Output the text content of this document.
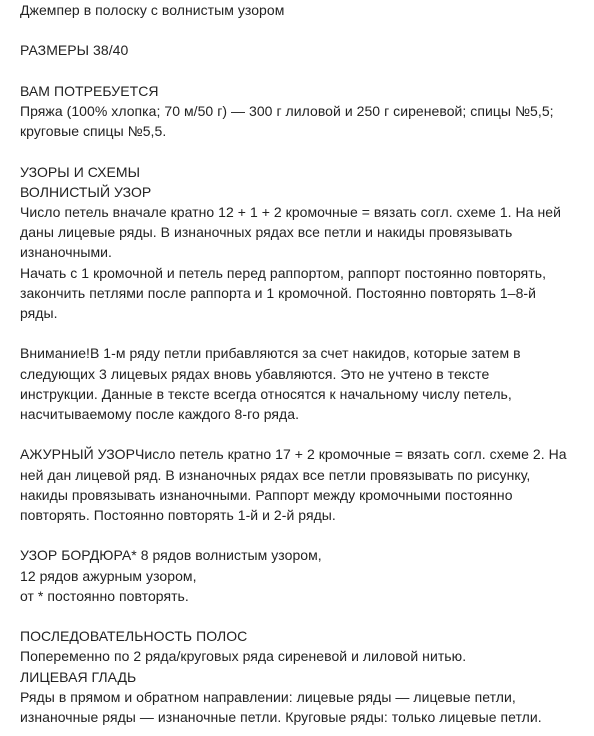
Джемпер в полоску с волнистым узором
РАЗМЕРЫ 38/40
ВАМ ПОТРЕБУЕТСЯ
Пряжа (100% хлопка; 70 м/50 г) — 300 г лиловой и 250 г сиреневой; спицы №5,5;
круговые спицы №5,5.
УЗОРЫ И СХЕМЫ
ВОЛНИСТЫЙ УЗОР
Число петель вначале кратно 12 + 1 + 2 кромочные = вязать согл. схеме 1. На ней
даны лицевые ряды. В изнаночных рядах все петли и накиды провязывать
изнаночными.
Начать с 1 кромочной и петель перед раппортом, раппорт постоянно повторять,
закончить петлями после раппорта и 1 кромочной. Постоянно повторять 1–8-й
ряды.
Внимание!В 1-м ряду петли прибавляются за счет накидов, которые затем в
следующих 3 лицевых рядах вновь убавляются. Это не учтено в тексте
инструкции. Данные в тексте всегда относятся к начальному числу петель,
насчитываемому после каждого 8-го ряда.
АЖУРНЫЙ УЗОРЧисло петель кратно 17 + 2 кромочные = вязать согл. схеме 2. На
ней дан лицевой ряд. В изнаночных рядах все петли провязывать по рисунку,
накиды провязывать изнаночными. Раппорт между кромочными постоянно
повторять. Постоянно повторять 1-й и 2-й ряды.
УЗОР БОРДЮРА* 8 рядов волнистым узором,
12 рядов ажурным узором,
от * постоянно повторять.
ПОСЛЕДОВАТЕЛЬНОСТЬ ПОЛОС
Попеременно по 2 ряда/круговых ряда сиреневой и лиловой нитью.
ЛИЦЕВАЯ ГЛАДЬ
Ряды в прямом и обратном направлении: лицевые ряды — лицевые петли,
изнаночные ряды — изнаночные петли. Круговые ряды: только лицевые петли.
